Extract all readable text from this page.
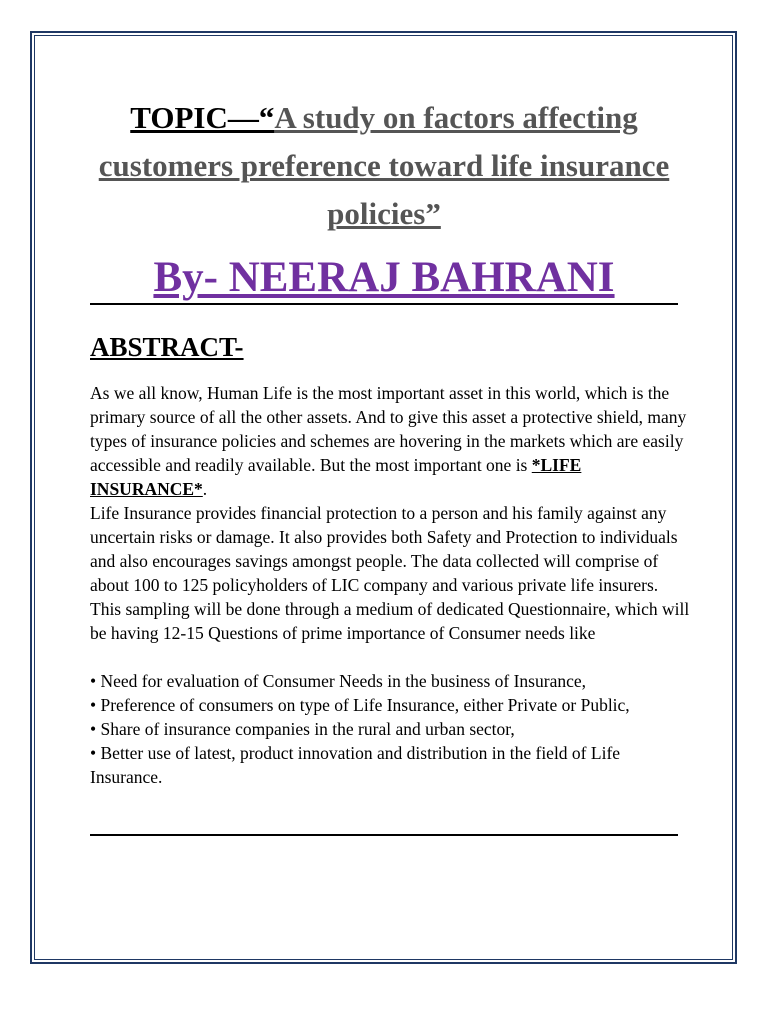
TOPIC—“A study on factors affecting customers preference toward life insurance policies”
By- NEERAJ BAHRANI
ABSTRACT-

As we all know, Human Life is the most important asset in this world, which is the primary source of all the other assets. And to give this asset a protective shield, many types of insurance policies and schemes are hovering in the markets which are easily accessible and readily available. But the most important one is *LIFE INSURANCE*.

Life Insurance provides financial protection to a person and his family against any uncertain risks or damage. It also provides both Safety and Protection to individuals and also encourages savings amongst people. The data collected will comprise of about 100 to 125 policyholders of LIC company and various private life insurers. This sampling will be done through a medium of dedicated Questionnaire, which will be having 12-15 Questions of prime importance of Consumer needs like

• Need for evaluation of Consumer Needs in the business of Insurance,
• Preference of consumers on type of Life Insurance, either Private or Public,
• Share of insurance companies in the rural and urban sector,
• Better use of latest, product innovation and distribution in the field of Life Insurance.
